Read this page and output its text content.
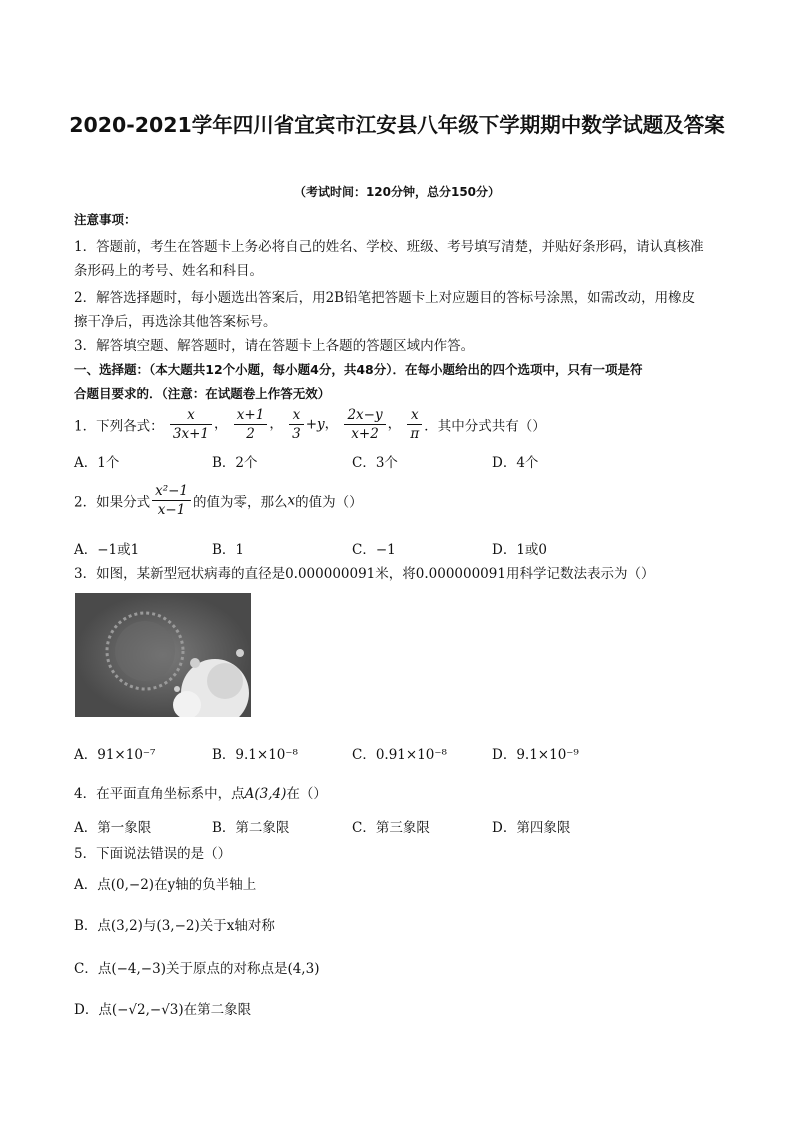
2020-2021学年四川省宜宾市江安县八年级下学期期中数学试题及答案
（考试时间：120分钟，总分150分）
注意事项：
1．答题前，考生在答题卡上务必将自己的姓名、学校、班级、考号填写清楚，并贴好条形码，请认真核准
条形码上的考号、姓名和科目。
2．解答选择题时，每小题选出答案后，用2B铅笔把答题卡上对应题目的答标号涂黑，如需改动，用橡皮
擦干净后，再选涂其他答案标号。
3．解答填空题、解答题时，请在答题卡上各题的答题区域内作答。
一、选择题：（本大题共12个小题，每小题4分，共48分）．在每小题给出的四个选项中，只有一项是符
合题目要求的．（注意：在试题卷上作答无效）
1．下列各式： $\frac{x}{3x+1}$ ， $\frac{x+1}{2}$ ， $\frac{x}{3} +y$， $\frac{2x-y}{x+2}$ ， $\frac{x}{\pi}$ ．其中分式共有（）
A．1个	B．2个	C．3个	D．4个
2．如果分式 $\frac{\text{x²−1}}{x-1}$ 的值为零，那么x的值为（）
A．−1或1	B．1	C．−1	D．1或0
3．如图，某新型冠状病毒的直径是0.000000091米，将0.000000091用科学记数法表示为（）
A．91×10⁻⁷	B．9.1×10⁻⁸	C．0.91×10⁻⁸	D．9.1×10⁻⁹
4．在平面直角坐标系中，点A(3,4)在（）
A．第一象限	B．第二象限	C．第三象限	D．第四象限
5．下面说法错误的是（）
A．点(0,−2)在y轴的负半轴上
B．点(3,2)与(3,−2)关于x轴对称
C．点(−4,−3)关于原点的对称点是(4,3)
D．点(−√2,−√3)在第二象限
